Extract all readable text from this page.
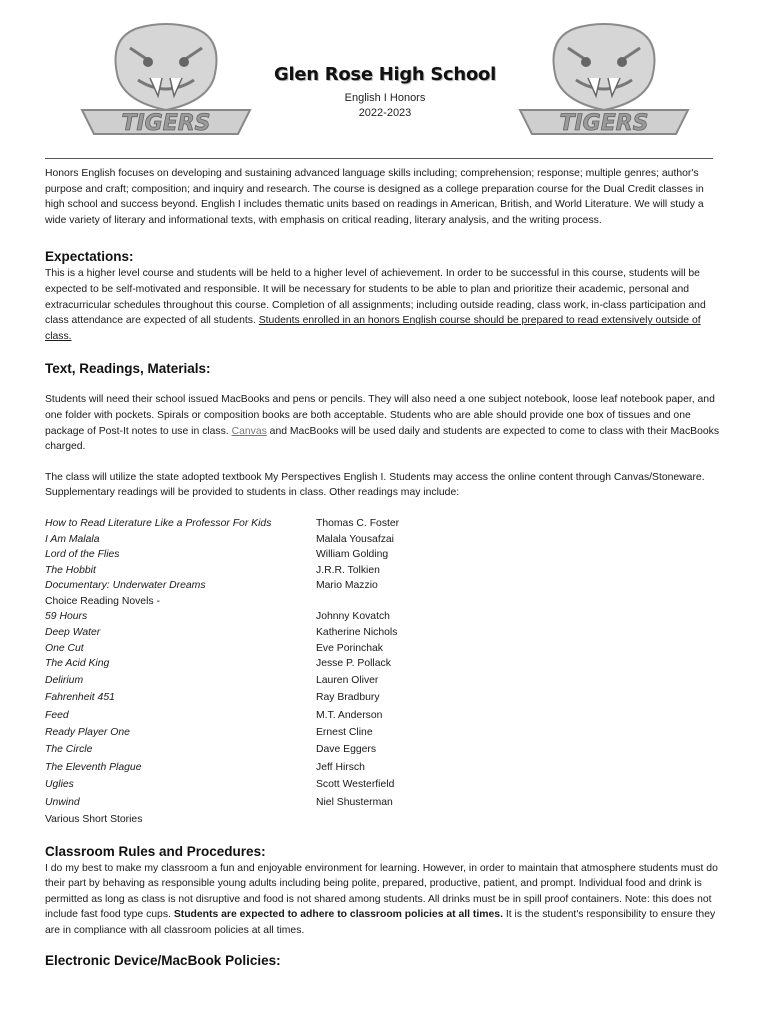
TIGERS	TIGERS
Glen Rose High School
English I Honors
2022-2023

Honors English focuses on developing and sustaining advanced language skills including; comprehension; response; multiple genres; author's purpose and craft; composition; and inquiry and research. The course is designed as a college preparation course for the Dual Credit classes in high school and success beyond. English I includes thematic units based on readings in American, British, and World Literature. We will study a wide variety of literary and informational texts, with emphasis on critical reading, literary analysis, and the writing process.

Expectations:

This is a higher level course and students will be held to a higher level of achievement. In order to be successful in this course, students will be expected to be self-motivated and responsible. It will be necessary for students to be able to plan and prioritize their academic, personal and extracurricular schedules throughout this course. Completion of all assignments; including outside reading, class work, in-class participation and class attendance are expected of all students. Students enrolled in an honors English course should be prepared to read extensively outside of class.

Text, Readings, Materials:

Students will need their school issued MacBooks and pens or pencils. They will also need a one subject notebook, loose leaf notebook paper, and one folder with pockets. Spirals or composition books are both acceptable. Students who are able should provide one box of tissues and one package of Post-It notes to use in class. Canvas and MacBooks will be used daily and students are expected to come to class with their MacBooks charged.

The class will utilize the state adopted textbook My Perspectives English I. Students may access the online content through Canvas/Stoneware. Supplementary readings will be provided to students in class. Other readings may include:

How to Read Literature Like a Professor For Kids	Thomas C. Foster
I Am Malala	Malala Yousafzai
Lord of the Flies	William Golding
The Hobbit	J.R.R. Tolkien
Documentary: Underwater Dreams	Mario Mazzio
Choice Reading Novels -
59 Hours	Johnny Kovatch
Deep Water	Katherine Nichols
One Cut	Eve Porinchak
The Acid King	Jesse P. Pollack
Delirium	Lauren Oliver
Fahrenheit 451	Ray Bradbury
Feed	M.T. Anderson
Ready Player One	Ernest Cline
The Circle	Dave Eggers
The Eleventh Plague	Jeff Hirsch
Uglies	Scott Westerfield
Unwind	Niel Shusterman
Various Short Stories
Classroom Rules and Procedures:

I do my best to make my classroom a fun and enjoyable environment for learning. However, in order to maintain that atmosphere students must do their part by behaving as responsible young adults including being polite, prepared, productive, patient, and prompt. Individual food and drink is permitted as long as class is not disruptive and food is not shared among students. All drinks must be in spill proof containers. Note: this does not include fast food type cups. Students are expected to adhere to classroom policies at all times. It is the student's responsibility to ensure they are in compliance with all classroom policies at all times.

Electronic Device/MacBook Policies:
